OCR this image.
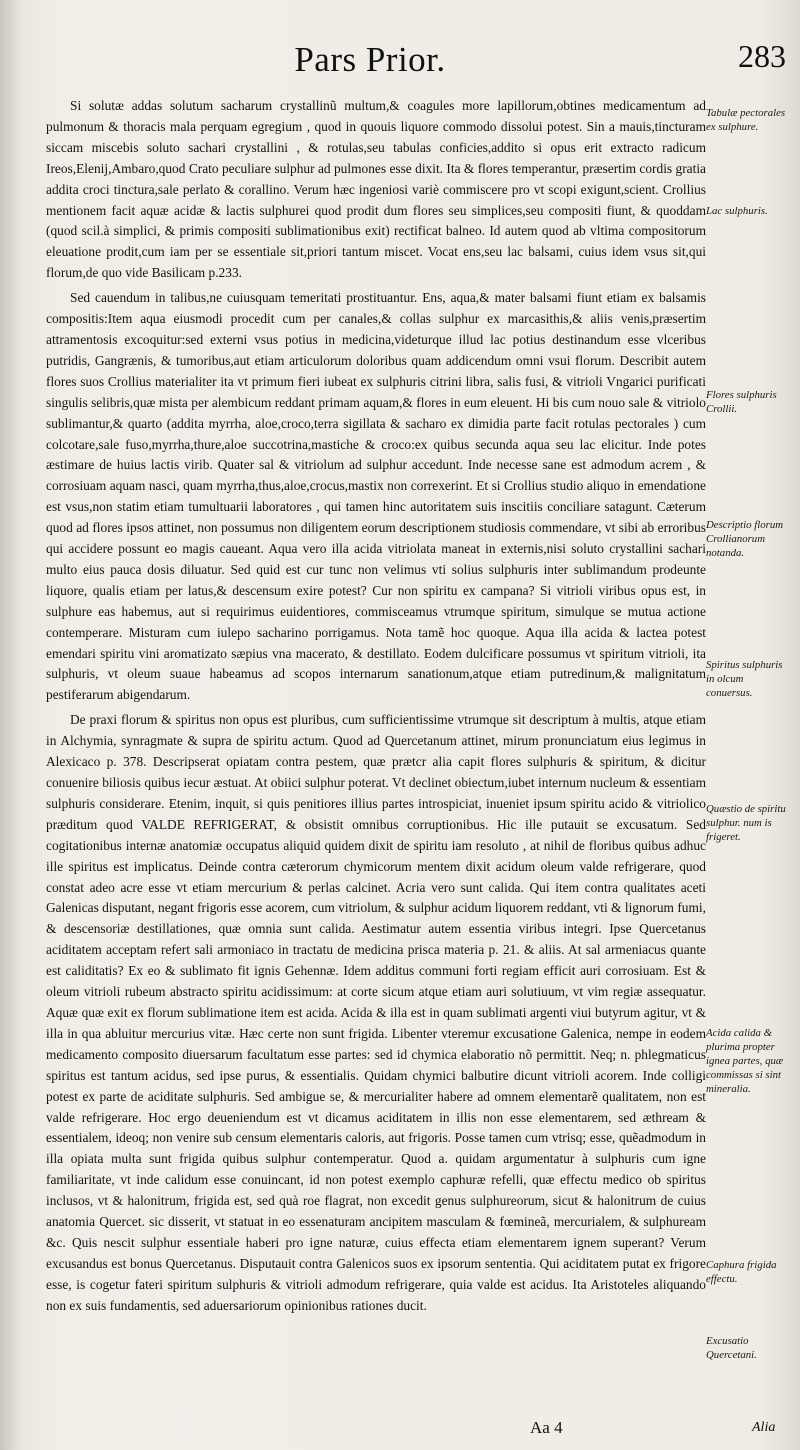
Pars Prior.	283

Si solutæ addas solutum sacharum crystallinũ multum,& coagules more lapillorum,obtines medicamentum ad pulmonum & thoracis mala perquam egregium , quod in quouis liquore commodo dissolui potest. Sin a mauis,tincturam siccam miscebis soluto sachari crystallini , & rotulas,seu tabulas conficies,addito si opus erit extracto radicum Ireos,Elenij,Ambaro,quod Crato peculiare sulphur ad pulmones esse dixit. Ita & flores temperantur, præsertim cordis gratia addita croci tinctura,sale perlato & corallino. Verum hæc ingeniosi variè commiscere pro vt scopi exigunt,scient. Crollius mentionem facit aquæ acidæ & lactis sulphurei quod prodit dum flores seu simplices,seu compositi fiunt, & quoddam (quod scil.à simplici, & primis compositi sublimationibus exit) rectificat balneo. Id autem quod ab vltima compositorum eleuatione prodit,cum iam per se essentiale sit,priori tantum miscet. Vocat ens,seu lac balsami, cuius idem vsus sit,qui florum,de quo vide Basilicam p.233.

Sed cauendum in talibus,ne cuiusquam temeritati prostituantur. Ens, aqua,& mater balsami fiunt etiam ex balsamis compositis:Item aqua eiusmodi procedit cum per canales,& collas sulphur ex marcasithis,& aliis venis,præsertim attramentosis excoquitur:sed externi vsus potius in medicina,videturque illud lac potius destinandum esse vlceribus putridis, Gangrænis, & tumoribus,aut etiam articulorum doloribus quam addicendum omni vsui florum. Describit autem flores suos Crollius materialiter ita vt primum fieri iubeat ex sulphuris citrini libra, salis fusi, & vitrioli Vngarici purificati singulis selibris,quæ mista per alembicum reddant primam aquam,& flores in eum eleuent. Hi bis cum nouo sale & vitriolo sublimantur,& quarto (addita myrrha, aloe,croco,terra sigillata & sacharo ex dimidia parte facit rotulas pectorales ) cum colcotare,sale fuso,myrrha,thure,aloe succotrina,mastiche & croco:ex quibus secunda aqua seu lac elicitur. Inde potes æstimare de huius lactis virib. Quater sal & vitriolum ad sulphur accedunt. Inde necesse sane est admodum acrem , & corrosiuam aquam nasci, quam myrrha,thus,aloe,crocus,mastix non correxerint. Et si Crollius studio aliquo in emendatione est vsus,non statim etiam tumultuarii laboratores , qui tamen hinc autoritatem suis inscitiis conciliare satagunt. Cæterum quod ad flores ipsos attinet, non possumus non diligentem eorum descriptionem studiosis commendare, vt sibi ab erroribus qui accidere possunt eo magis caueant. Aqua vero illa acida vitriolata maneat in externis,nisi soluto crystallini sachari multo eius pauca dosis diluatur. Sed quid est cur tunc non velimus vti solius sulphuris inter sublimandum prodeunte liquore, qualis etiam per latus,& descensum exire potest? Cur non spiritu ex campana? Si vitrioli viribus opus est, in sulphure eas habemus, aut si requirimus euidentiores, commisceamus vtrumque spiritum, simulque se mutua actione contemperare. Misturam cum iulepo sacharino porrigamus. Nota tamẽ hoc quoque. Aqua illa acida & lactea potest emendari spiritu vini aromatizato sæpius vna macerato, & destillato. Eodem dulcificare possumus vt spiritum vitrioli, ita sulphuris, vt oleum suaue habeamus ad scopos internarum sanationum,atque etiam putredinum,& malignitatum pestiferarum abigendarum.

De praxi florum & spiritus non opus est pluribus, cum sufficientissime vtrumque sit descriptum à multis, atque etiam in Alchymia, synragmate & supra de spiritu actum. Quod ad Quercetanum attinet, mirum pronunciatum eius legimus in Alexicaco p. 378. Descripserat opiatam contra pestem, quæ prætcr alia capit flores sulphuris & spiritum, & dicitur conuenire biliosis quibus iecur æstuat. At obiici sulphur poterat. Vt declinet obiectum,iubet internum nucleum & essentiam sulphuris considerare. Etenim, inquit, si quis penitiores illius partes introspiciat, inueniet ipsum spiritu acido & vitriolico præditum quod VALDE REFRIGERAT, & obsistit omnibus corruptionibus. Hic ille putauit se excusatum. Sed cogitationibus internæ anatomiæ occupatus aliquid quidem dixit de spiritu iam resoluto , at nihil de floribus quibus adhuc ille spiritus est implicatus. Deinde contra cæterorum chymicorum mentem dixit acidum oleum valde refrigerare, quod constat adeo acre esse vt etiam mercurium & perlas calcinet. Acria vero sunt calida. Qui item contra qualitates aceti Galenicas disputant, negant frigoris esse acorem, cum vitriolum, & sulphur acidum liquorem reddant, vti & lignorum fumi, & descensoriæ destillationes, quæ omnia sunt calida. Aestimatur autem essentia viribus integri. Ipse Quercetanus aciditatem acceptam refert sali armoniaco in tractatu de medicina prisca materia p. 21. & aliis. At sal armeniacus quante est caliditatis? Ex eo & sublimato fit ignis Gehennæ. Idem additus communi forti regiam efficit auri corrosiuam. Est & oleum vitrioli rubeum abstracto spiritu acidissimum: at corte sicum atque etiam auri solutiuum, vt vim regiæ assequatur. Aquæ quæ exit ex florum sublimatione item est acida. Acida & illa est in quam sublimati argenti viui butyrum agitur, vt & illa in qua abluitur mercurius vitæ. Hæc certe non sunt frigida. Libenter vteremur excusatione Galenica, nempe in eodem medicamento composito diuersarum facultatum esse partes: sed id chymica elaboratio nõ permittit. Neq; n. phlegmaticus spiritus est tantum acidus, sed ipse purus, & essentialis. Quidam chymici balbutire dicunt vitrioli acorem. Inde colligi potest ex parte de aciditate sulphuris. Sed ambigue se, & mercurialiter habere ad omnem elementarẽ qualitatem, non est valde refrigerare. Hoc ergo deueniendum est vt dicamus aciditatem in illis non esse elementarem, sed æthream & essentialem, ideoq; non venire sub censum elementaris caloris, aut frigoris. Posse tamen cum vtrisq; esse, quẽadmodum in illa opiata multa sunt frigida quibus sulphur contemperatur. Quod a. quidam argumentatur à sulphuris cum igne familiaritate, vt inde calidum esse conuincant, id non potest exemplo caphuræ refelli, quæ effectu medico ob spiritus inclusos, vt & halonitrum, frigida est, sed quà roe flagrat, non excedit genus sulphureorum, sicut & halonitrum de cuius anatomia Quercet. sic disserit, vt statuat in eo essenaturam ancipitem masculam & fœmineã, mercurialem, & sulphuream &c. Quis nescit sulphur essentiale haberi pro igne naturæ, cuius effecta etiam elementarem ignem superant? Verum excusandus est bonus Quercetanus. Disputauit contra Galenicos suos ex ipsorum sententia. Qui aciditatem putat ex frigore esse, is cogetur fateri spiritum sulphuris & vitrioli admodum refrigerare, quia valde est acidus. Ita Aristoteles aliquando non ex suis fundamentis, sed aduersariorum opinionibus rationes ducit.

Tabulæ pectorales ex sulphure.
Lac sulphuris.
Flores sulphuris Crollii.
Descriptio florum Crollianorum notanda.
Spiritus sulphuris in olcum conuersus.
Quæstio de spiritu sulphur. num is frigeret.
Acida calida & plurima propter ignea partes, quæ commissas si sint mineralia.
Caphura frigida effectu.
Excusatio Quercetani.
Aa 4	Alia
